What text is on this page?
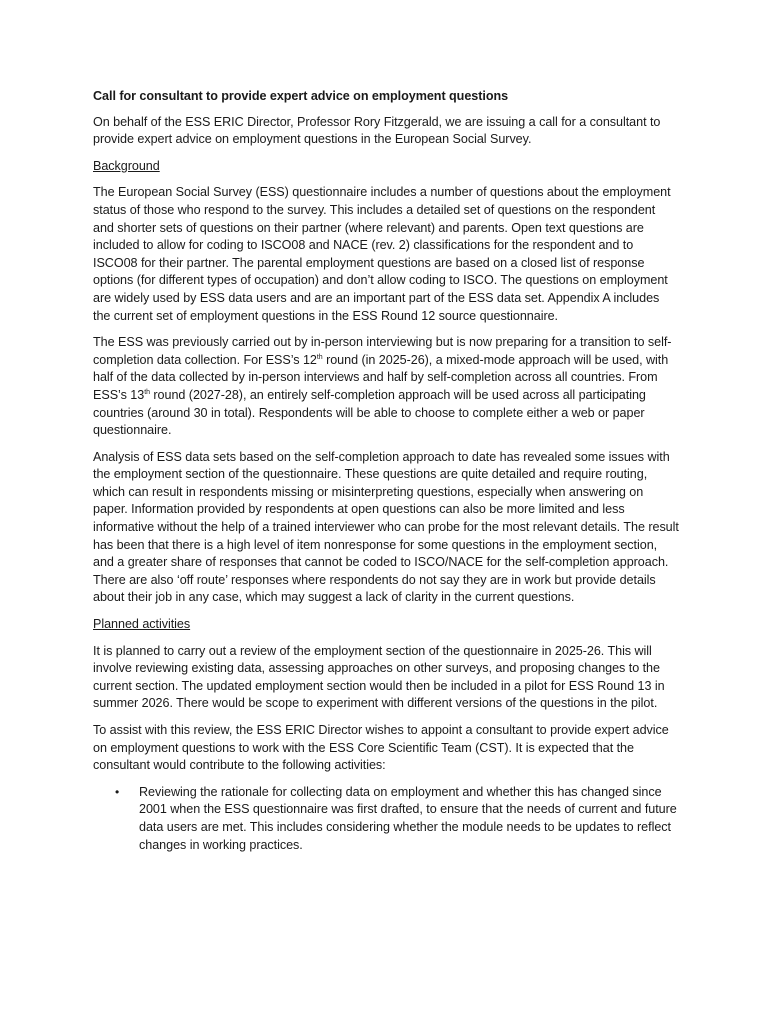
Call for consultant to provide expert advice on employment questions

On behalf of the ESS ERIC Director, Professor Rory Fitzgerald, we are issuing a call for a consultant to provide expert advice on employment questions in the European Social Survey.

Background

The European Social Survey (ESS) questionnaire includes a number of questions about the employment status of those who respond to the survey. This includes a detailed set of questions on the respondent and shorter sets of questions on their partner (where relevant) and parents. Open text questions are included to allow for coding to ISCO08 and NACE (rev. 2) classifications for the respondent and to ISCO08 for their partner. The parental employment questions are based on a closed list of response options (for different types of occupation) and don’t allow coding to ISCO. The questions on employment are widely used by ESS data users and are an important part of the ESS data set. Appendix A includes the current set of employment questions in the ESS Round 12 source questionnaire.

The ESS was previously carried out by in-person interviewing but is now preparing for a transition to self-completion data collection. For ESS’s 12th round (in 2025-26), a mixed-mode approach will be used, with half of the data collected by in-person interviews and half by self-completion across all countries. From ESS’s 13th round (2027-28), an entirely self-completion approach will be used across all participating countries (around 30 in total). Respondents will be able to choose to complete either a web or paper questionnaire.

Analysis of ESS data sets based on the self-completion approach to date has revealed some issues with the employment section of the questionnaire. These questions are quite detailed and require routing, which can result in respondents missing or misinterpreting questions, especially when answering on paper. Information provided by respondents at open questions can also be more limited and less informative without the help of a trained interviewer who can probe for the most relevant details. The result has been that there is a high level of item nonresponse for some questions in the employment section, and a greater share of responses that cannot be coded to ISCO/NACE for the self-completion approach. There are also ‘off route’ responses where respondents do not say they are in work but provide details about their job in any case, which may suggest a lack of clarity in the current questions.

Planned activities

It is planned to carry out a review of the employment section of the questionnaire in 2025-26. This will involve reviewing existing data, assessing approaches on other surveys, and proposing changes to the current section. The updated employment section would then be included in a pilot for ESS Round 13 in summer 2026. There would be scope to experiment with different versions of the questions in the pilot.

To assist with this review, the ESS ERIC Director wishes to appoint a consultant to provide expert advice on employment questions to work with the ESS Core Scientific Team (CST). It is expected that the consultant would contribute to the following activities:

• Reviewing the rationale for collecting data on employment and whether this has changed since 2001 when the ESS questionnaire was first drafted, to ensure that the needs of current and future data users are met. This includes considering whether the module needs to be updates to reflect changes in working practices.
